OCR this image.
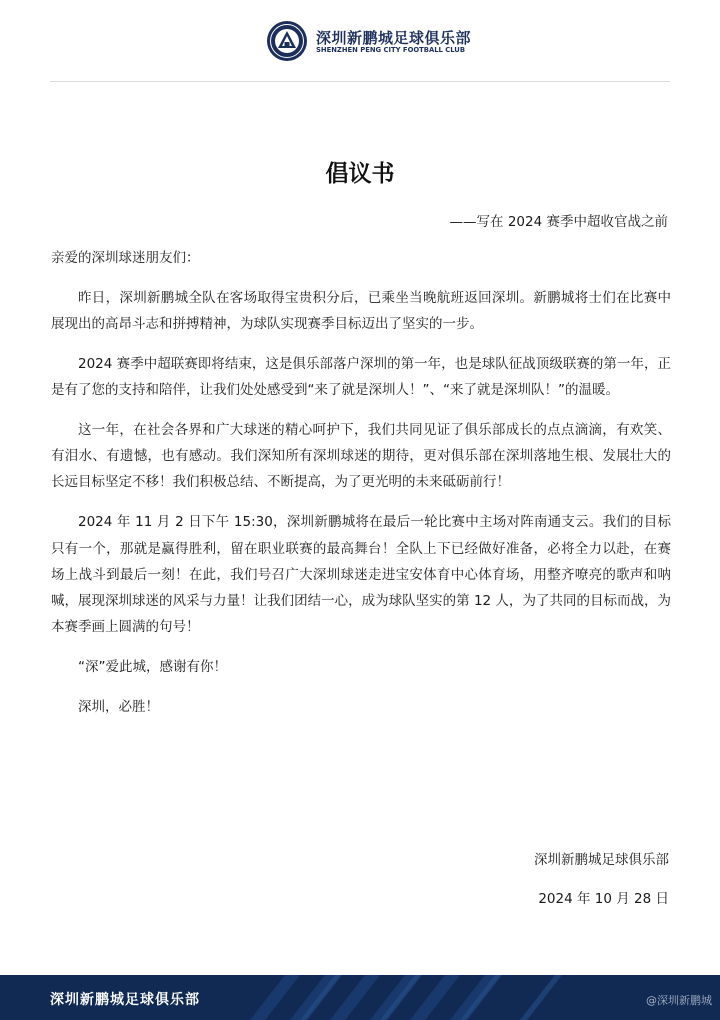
深圳新鹏城足球俱乐部
SHENZHEN PENG CITY FOOTBALL CLUB
倡议书
——写在 2024 赛季中超收官战之前

亲爱的深圳球迷朋友们：

昨日，深圳新鹏城全队在客场取得宝贵积分后，已乘坐当晚航班返回深圳。新鹏城将士们在比赛中展现出的高昂斗志和拼搏精神，为球队实现赛季目标迈出了坚实的一步。

2024 赛季中超联赛即将结束，这是俱乐部落户深圳的第一年，也是球队征战顶级联赛的第一年，正是有了您的支持和陪伴，让我们处处感受到“来了就是深圳人！”、“来了就是深圳队！”的温暖。

这一年，在社会各界和广大球迷的精心呵护下，我们共同见证了俱乐部成长的点点滴滴，有欢笑、有泪水、有遗憾，也有感动。我们深知所有深圳球迷的期待，更对俱乐部在深圳落地生根、发展壮大的长远目标坚定不移！我们积极总结、不断提高，为了更光明的未来砥砺前行！

2024 年 11 月 2 日下午 15:30，深圳新鹏城将在最后一轮比赛中主场对阵南通支云。我们的目标只有一个，那就是赢得胜利，留在职业联赛的最高舞台！全队上下已经做好准备，必将全力以赴，在赛场上战斗到最后一刻！在此，我们号召广大深圳球迷走进宝安体育中心体育场，用整齐嘹亮的歌声和呐喊，展现深圳球迷的风采与力量！让我们团结一心，成为球队坚实的第 12 人，为了共同的目标而战，为本赛季画上圆满的句号！

“深”爱此城，感谢有你！

深圳，必胜！

深圳新鹏城足球俱乐部
2024 年 10 月 28 日
深圳新鹏城足球俱乐部	@深圳新鹏城
